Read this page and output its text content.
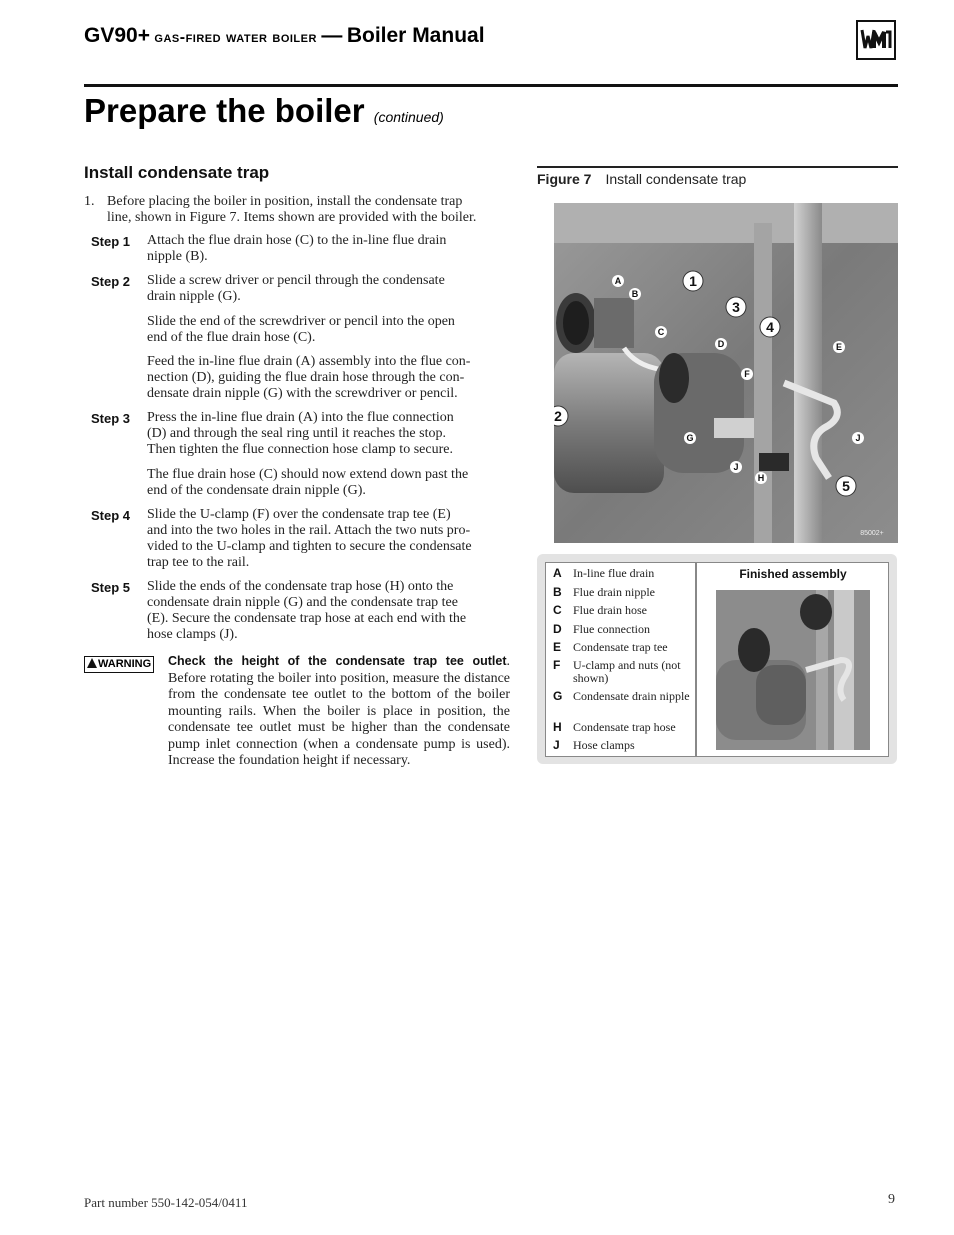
GV90+ gas-fired water boiler — Boiler Manual
Prepare the boiler (continued)
Install condensate trap
1. Before placing the boiler in position, install the condensate trap
line, shown in Figure 7. Items shown are provided with the boiler.
Step 1 Attach the flue drain hose (C) to the in-line flue drain
nipple (B).
Step 2 Slide a screw driver or pencil through the condensate
drain nipple (G).
Slide the end of the screwdriver or pencil into the open
end of the flue drain hose (C).
Feed the in-line flue drain (A) assembly into the flue con-
nection (D), guiding the flue drain hose through the con-
densate drain nipple (G) with the screwdriver or pencil.
Step 3 Press the in-line flue drain (A) into the flue connection
(D) and through the seal ring until it reaches the stop.
Then tighten the flue connection hose clamp to secure.
The flue drain hose (C) should now extend down past the
end of the condensate drain nipple (G).
Step 4 Slide the U-clamp (F) over the condensate trap tee (E)
and into the two holes in the rail. Attach the two nuts pro-
vided to the U-clamp and tighten to secure the condensate
trap tee to the rail.
Step 5 Slide the ends of the condensate trap hose (H) onto the
condensate drain nipple (G) and the condensate trap tee
(E). Secure the condensate trap hose at each end with the
hose clamps (J).
WARNING Check the height of the condensate trap tee outlet. Before rotating the boiler into position, measure the distance from the condensate tee outlet to the bottom of the boiler mounting rails. When the boiler is place in position, the condensate tee outlet must be higher than the condensate pump inlet connection (when a condensate pump is used). Increase the foundation height if necessary.
Figure 7 Install condensate trap
1
2
3
4
5
A
B
C
D	E
F
G
H
J
J
85002+
A In-line flue drain
B Flue drain nipple
C Flue drain hose
D Flue connection
E Condensate trap tee
F U-clamp and nuts (not shown)
G Condensate drain nipple
H Condensate trap hose
J Hose clamps
Finished assembly
Part number 550-142-054/0411	9
